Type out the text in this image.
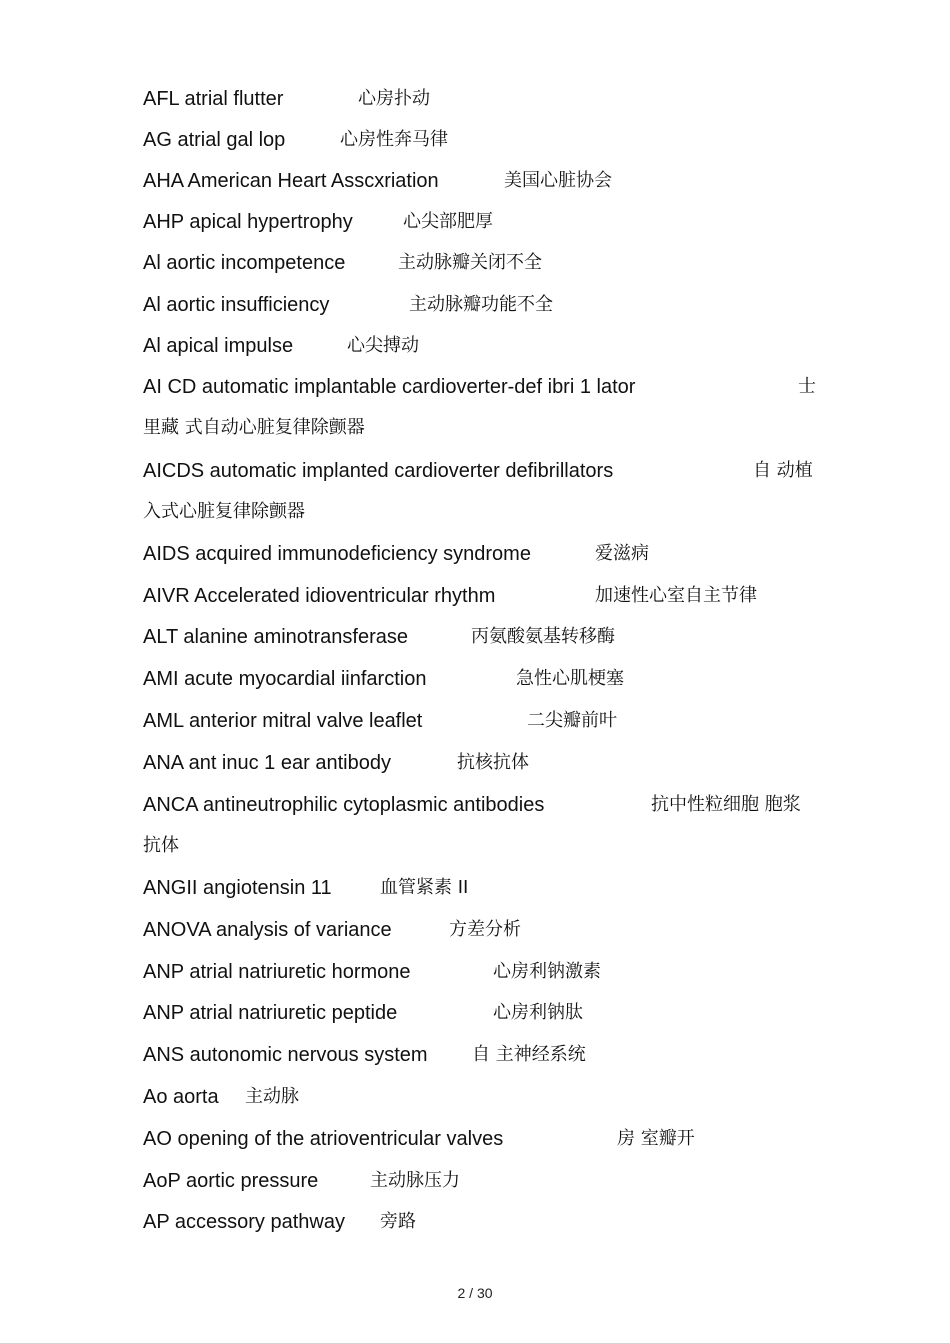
AFL atrial flutter	心房扑动
AG atrial gal lop	心房性奔马律
AHA American Heart Asscxriation	美国心脏协会
AHP apical hypertrophy	心尖部肥厚
Al aortic incompetence	主动脉瓣关闭不全
Al aortic insufficiency	主动脉瓣功能不全
Al apical impulse	心尖搏动
AI CD automatic implantable cardioverter-def ibri 1 lator	士
里藏 式自动心脏复律除颤器
AICDS automatic implanted cardioverter defibrillators	自 动植
入式心脏复律除颤器
AIDS acquired immunodeficiency syndrome	爱滋病
AIVR Accelerated idioventricular rhythm	加速性心室自主节律
ALT alanine aminotransferase	丙氨酸氨基转移酶
AMI acute myocardial iinfarction	急性心肌梗塞
AML anterior mitral valve leaflet	二尖瓣前叶
ANA ant inuc 1 ear antibody	抗核抗体
ANCA antineutrophilic cytoplasmic antibodies	抗中性粒细胞 胞浆
抗体
ANGII angiotensin 11	血管紧素 II
ANOVA analysis of variance	方差分析
ANP atrial natriuretic hormone	心房利钠激素
ANP atrial natriuretic peptide	心房利钠肽
ANS autonomic nervous system 自 主神经系统
Ao aorta 主动脉
AO opening of the atrioventricular valves	房 室瓣开
AoP aortic pressure	主动脉压力
AP accessory pathway 旁路
2 / 30
